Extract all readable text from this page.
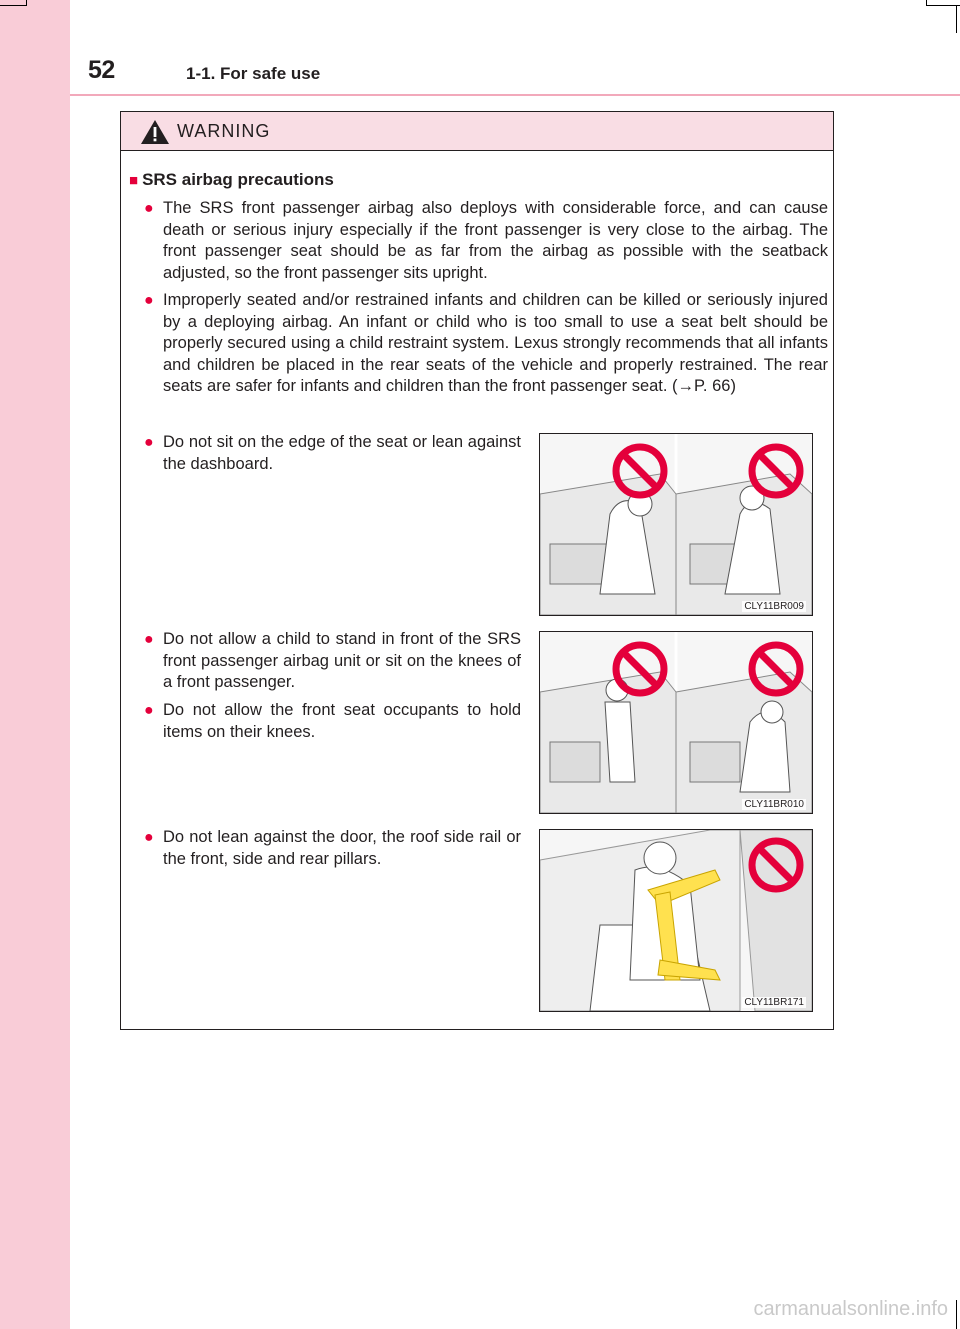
52	1-1. For safe use
WARNING
■ SRS airbag precautions
● The SRS front passenger airbag also deploys with considerable force, and can cause death or serious injury especially if the front passenger is very close to the airbag. The front passenger seat should be as far from the airbag as possible with the seatback adjusted, so the front passenger sits upright.
● Improperly seated and/or restrained infants and children can be killed or seriously injured by a deploying airbag. An infant or child who is too small to use a seat belt should be properly secured using a child restraint system. Lexus strongly recommends that all infants and children be placed in the rear seats of the vehicle and properly restrained. The rear seats are safer for infants and children than the front passenger seat. (→P. 66)
● Do not sit on the edge of the seat or lean against the dashboard.
● Do not allow a child to stand in front of the SRS front passenger airbag unit or sit on the knees of a front passenger.
● Do not allow the front seat occupants to hold items on their knees.
● Do not lean against the door, the roof side rail or the front, side and rear pillars.
CLY11BR009
CLY11BR010
CLY11BR171
carmanualsonline.info
